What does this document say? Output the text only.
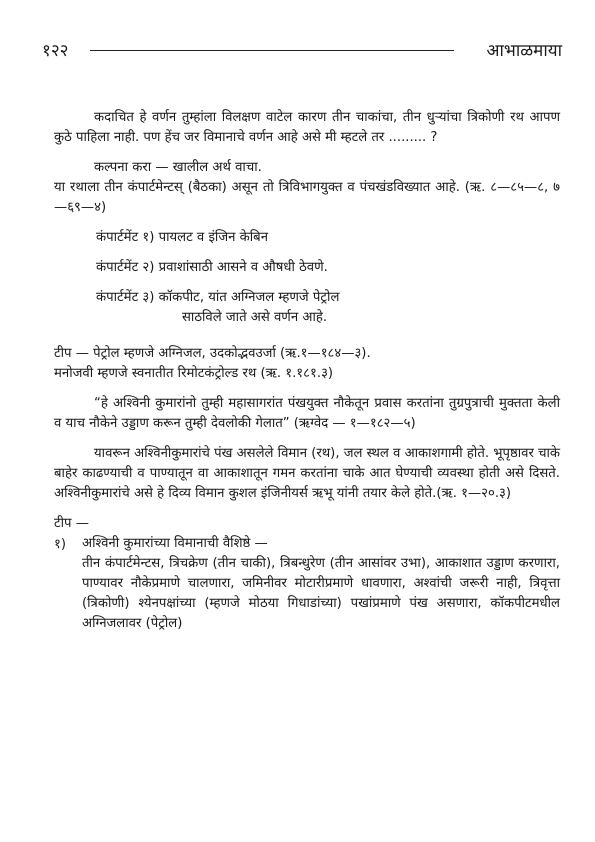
१२२	आभाळमाया

कदाचित हे वर्णन तुम्हांला विलक्षण वाटेल कारण तीन चाकांचा, तीन धुऱ्यांचा त्रिकोणी रथ आपण कुठे पाहिला नाही. पण हेंच जर विमानाचे वर्णन आहे असे मी म्हटले तर ......... ?

कल्पना करा — खालील अर्थ वाचा.

या रथाला तीन कंपार्टमेन्टस् (बैठका) असून तो त्रिविभागयुक्त व पंचखंडविख्यात आहे. (ऋ. ८—८५—८, ७—६९—४)

कंपार्टमेंट १) पायलट व इंजिन केबिन

कंपार्टमेंट २) प्रवाशांसाठी आसने व औषधी ठेवणे.

कंपार्टमेंट ३) कॉकपीट, यांत अग्निजल म्हणजे पेट्रोल

साठविले जाते असे वर्णन आहे.

टीप — पेट्रोल म्हणजे अग्निजल, उदकोद्भवउर्जा (ऋ.१—१८४—३).

मनोजवी म्हणजे स्वनातीत रिमोटकंट्रोल्ड रथ (ऋ. १.१८१.३)

“हे अश्विनी कुमारांनो तुम्ही महासागरांत पंखयुक्त नौकेतून प्रवास करतांना तुग्रपुत्राची मुक्तता केली व याच नौकेने उड्डाण करून तुम्ही देवलोकी गेलात” (ऋग्वेद — १—१८२—५)

यावरून अश्विनीकुमारांचे पंख असलेले विमान (रथ), जल स्थल व आकाशगामी होते. भूपृष्ठावर चाके बाहेर काढण्याची व पाण्यातून वा आकाशातून गमन करतांना चाके आत घेण्याची व्यवस्था होती असे दिसते. अश्विनीकुमारांचे असे हे दिव्य विमान कुशल इंजिनीयर्स ऋभू यांनी तयार केले होते.(ऋ. १—२०.३)

टीप —

१)	अश्विनी कुमारांच्या विमानाची वैशिष्ठे —

तीन कंपार्टमेन्टस, त्रिचक्रेण (तीन चाकी), त्रिबन्धुरेण (तीन आसांवर उभा), आकाशात उड्डाण करणारा, पाण्यावर नौकेप्रमाणे चालणारा, जमिनीवर मोटारीप्रमाणे धावणारा, अश्वांची जरूरी नाही, त्रिवृत्ता (त्रिकोणी) श्येनपक्षांच्या (म्हणजे मोठया गिधाडांच्या) पखांप्रमाणे पंख असणारा, कॉकपीटमधील अग्निजलावर (पेट्रोल)
